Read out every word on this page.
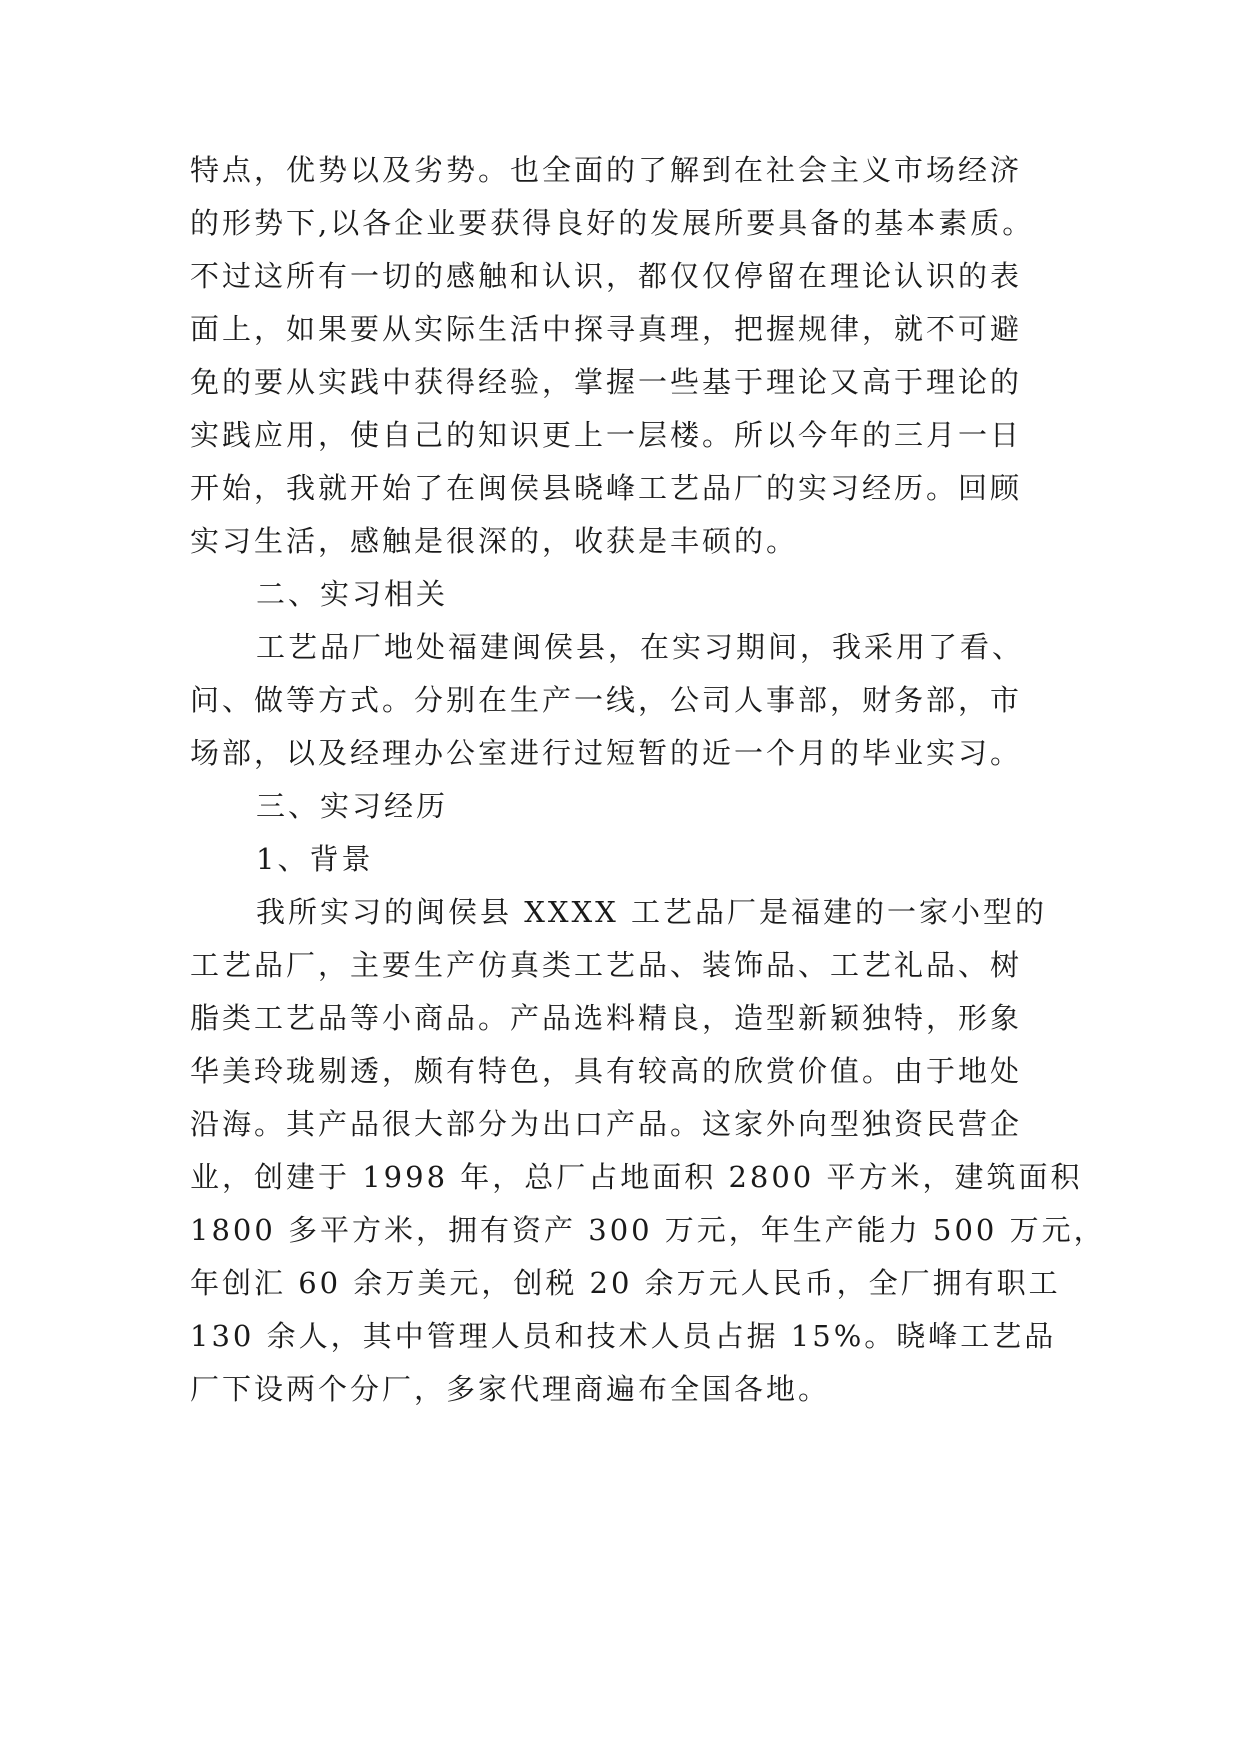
特点，优势以及劣势。也全面的了解到在社会主义市场经济
的形势下,以各企业要获得良好的发展所要具备的基本素质。
不过这所有一切的感触和认识，都仅仅停留在理论认识的表
面上，如果要从实际生活中探寻真理，把握规律，就不可避
免的要从实践中获得经验，掌握一些基于理论又高于理论的
实践应用，使自己的知识更上一层楼。所以今年的三月一日
开始，我就开始了在闽侯县晓峰工艺品厂的实习经历。回顾
实习生活，感触是很深的，收获是丰硕的。
二、实习相关
工艺品厂地处福建闽侯县，在实习期间，我采用了看、
问、做等方式。分别在生产一线，公司人事部，财务部，市
场部，以及经理办公室进行过短暂的近一个月的毕业实习。
三、实习经历
1、背景
我所实习的闽侯县 XXXX 工艺品厂是福建的一家小型的
工艺品厂，主要生产仿真类工艺品、装饰品、工艺礼品、树
脂类工艺品等小商品。产品选料精良，造型新颖独特，形象
华美玲珑剔透，颇有特色，具有较高的欣赏价值。由于地处
沿海。其产品很大部分为出口产品。这家外向型独资民营企
业，创建于 1998 年，总厂占地面积 2800 平方米，建筑面积
1800 多平方米，拥有资产 300 万元，年生产能力 500 万元，
年创汇 60 余万美元，创税 20 余万元人民币，全厂拥有职工
130 余人，其中管理人员和技术人员占据 15%。晓峰工艺品
厂下设两个分厂，多家代理商遍布全国各地。
